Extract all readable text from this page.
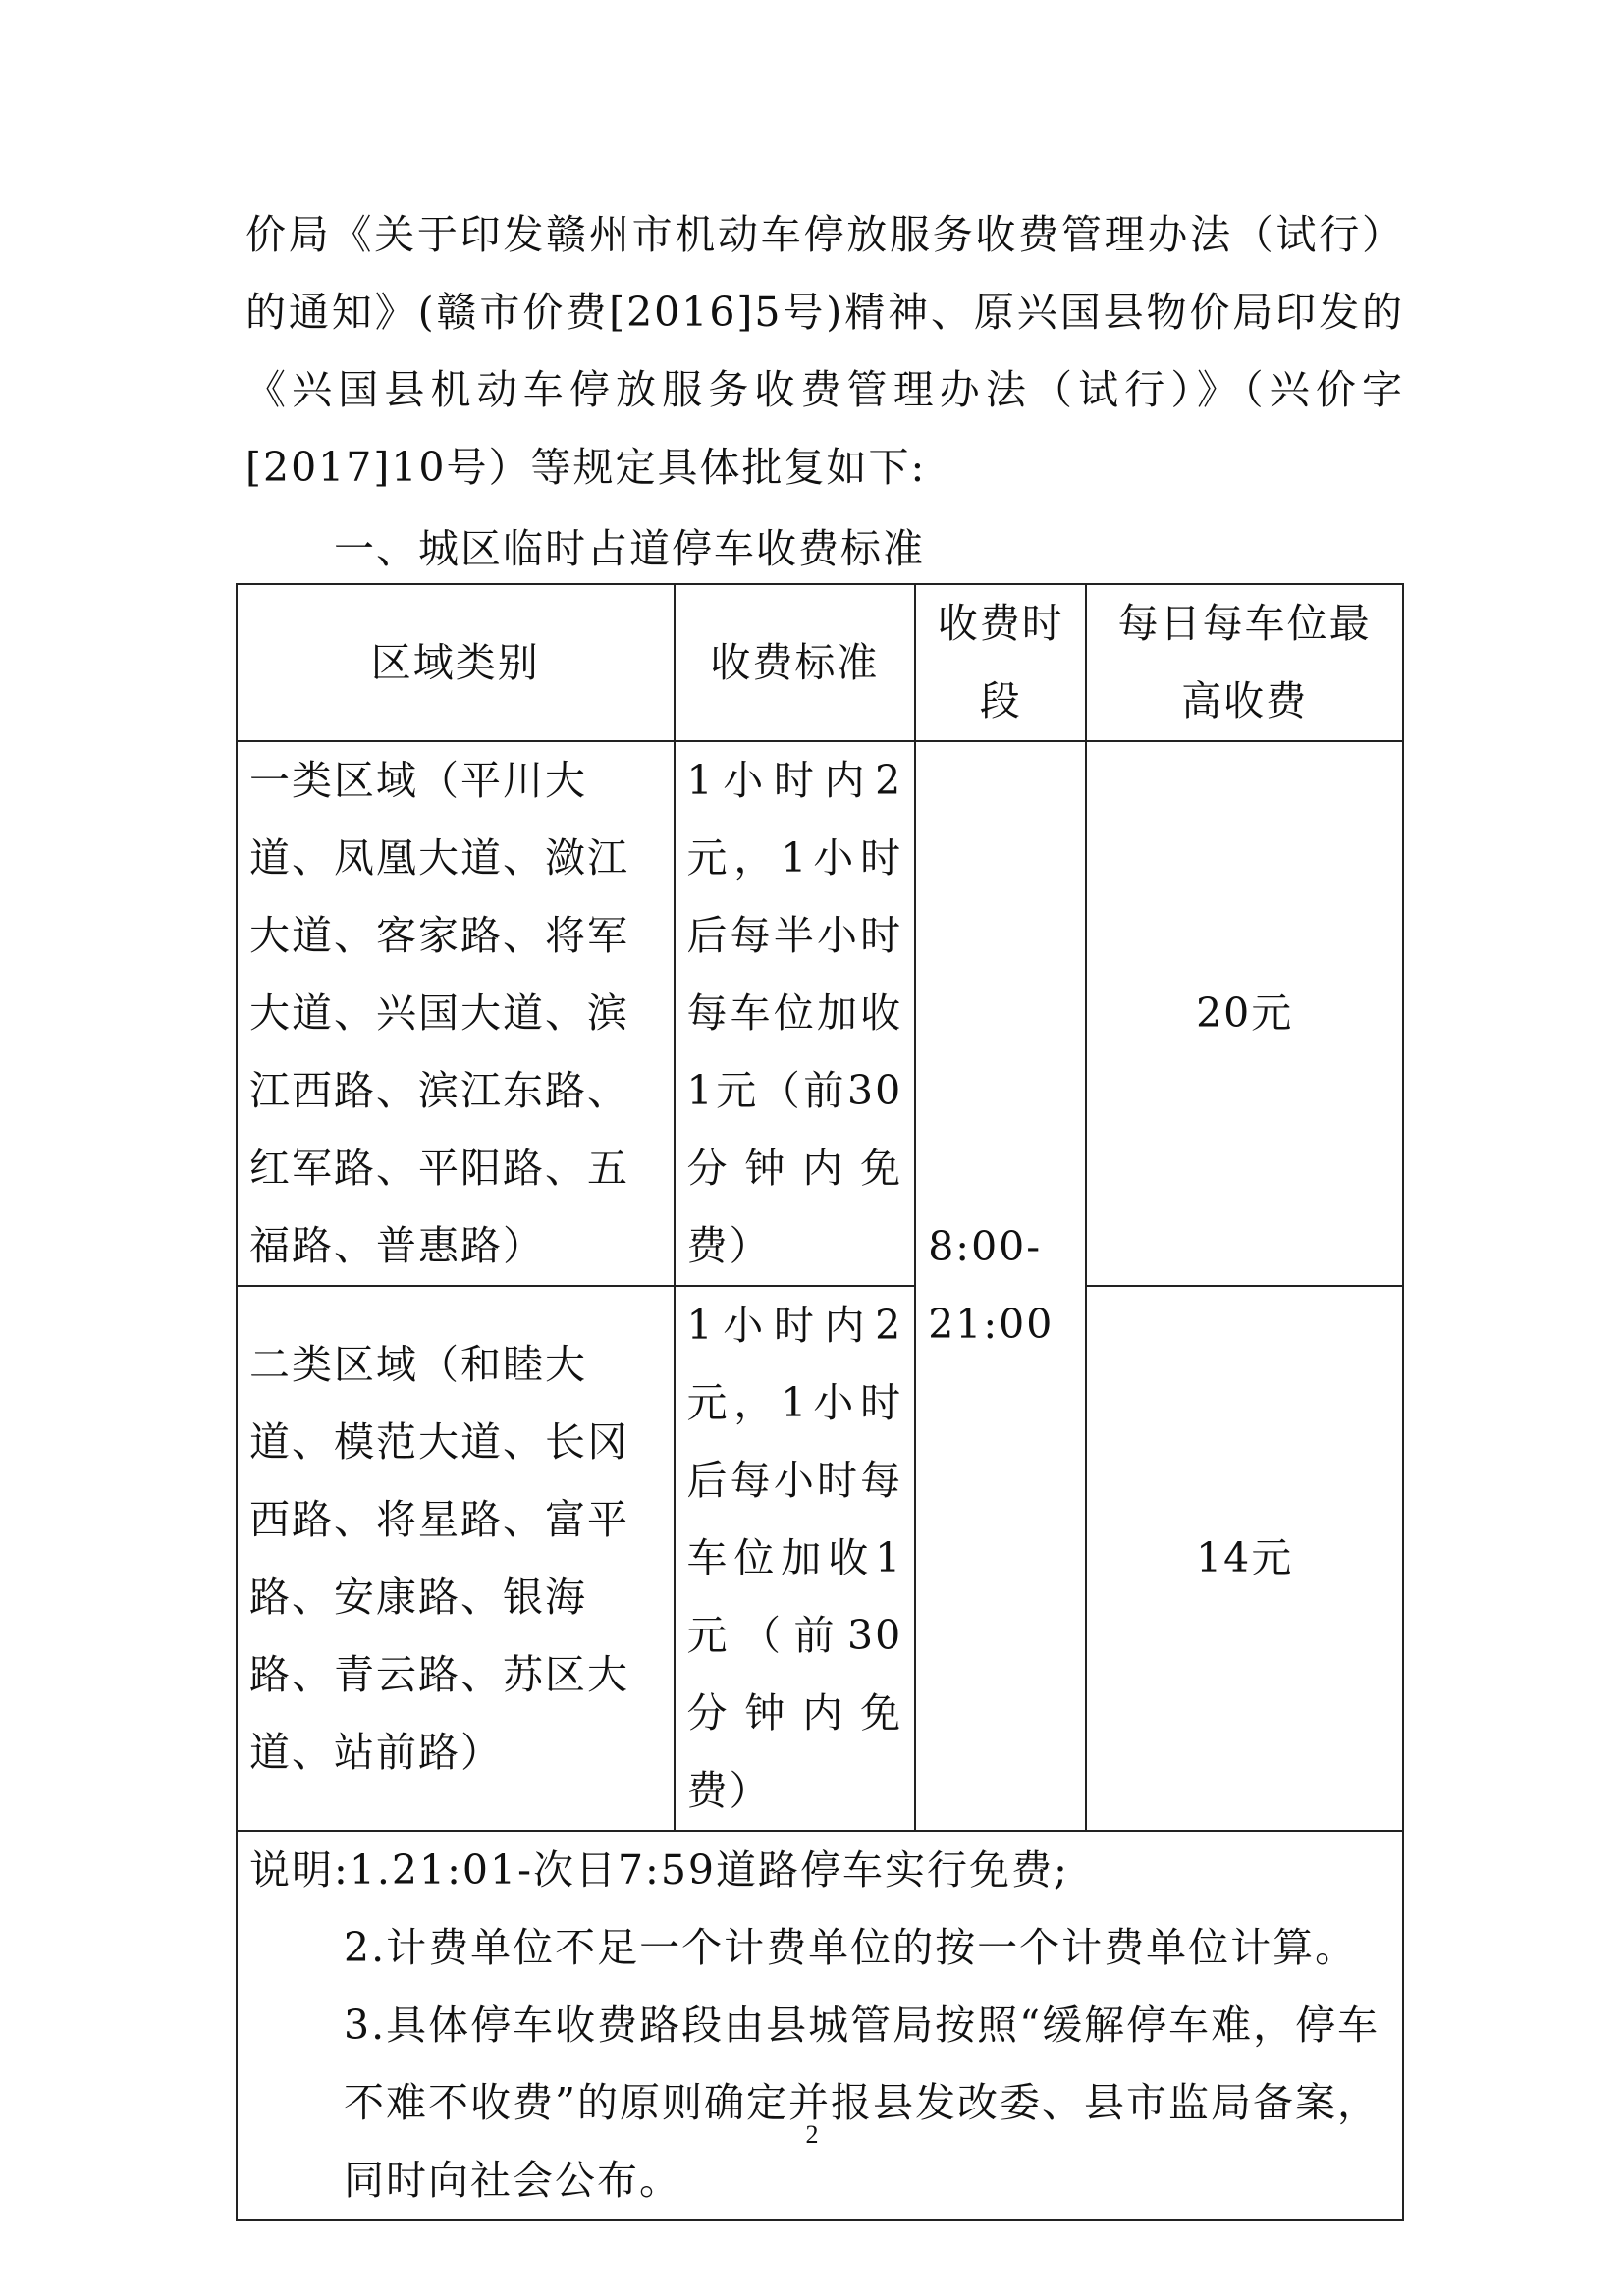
价局《关于印发赣州市机动车停放服务收费管理办法（试行）的通知》(赣市价费[2016]5号)精神、原兴国县物价局印发的《兴国县机动车停放服务收费管理办法（试行）》（兴价字[2017]10号）等规定具体批复如下:

一、城区临时占道停车收费标准

区域类别	收费标准	收费时段	每日每车位最高收费
一类区域（平川大道、凤凰大道、潋江大道、客家路、将军大道、兴国大道、滨江西路、滨江东路、红军路、平阳路、五福路、普惠路）	1小时内2元，1小时后每半小时每车位加收1元（前30分钟内免费）	8:00-21:00	20元
二类区域（和睦大道、模范大道、长冈西路、将星路、富平路、安康路、银海路、青云路、苏区大道、站前路）	1小时内2元，1小时后每小时每车位加收1元（前30分钟内免费）		14元

说明:1.21:01-次日7:59道路停车实行免费;
2.计费单位不足一个计费单位的按一个计费单位计算。
3.具体停车收费路段由县城管局按照“缓解停车难，停车不难不收费”的原则确定并报县发改委、县市监局备案，同时向社会公布。			
2
